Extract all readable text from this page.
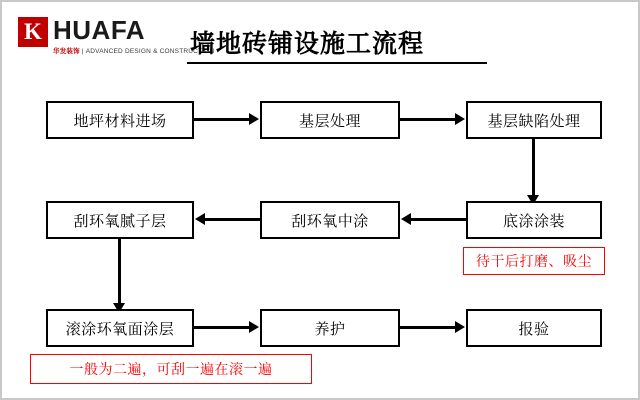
K HUAFA
华发装饰 | ADVANCED DESIGN & CONSTRUCTION
墙地砖铺设施工流程
地坪材料进场	基层处理	基层缺陷处理
底涂涂装
刮环氧中涂
刮环氧腻子层
待干后打磨、吸尘
滚涂环氧面涂层	养护	报验
一般为二遍，可刮一遍在滚一遍
